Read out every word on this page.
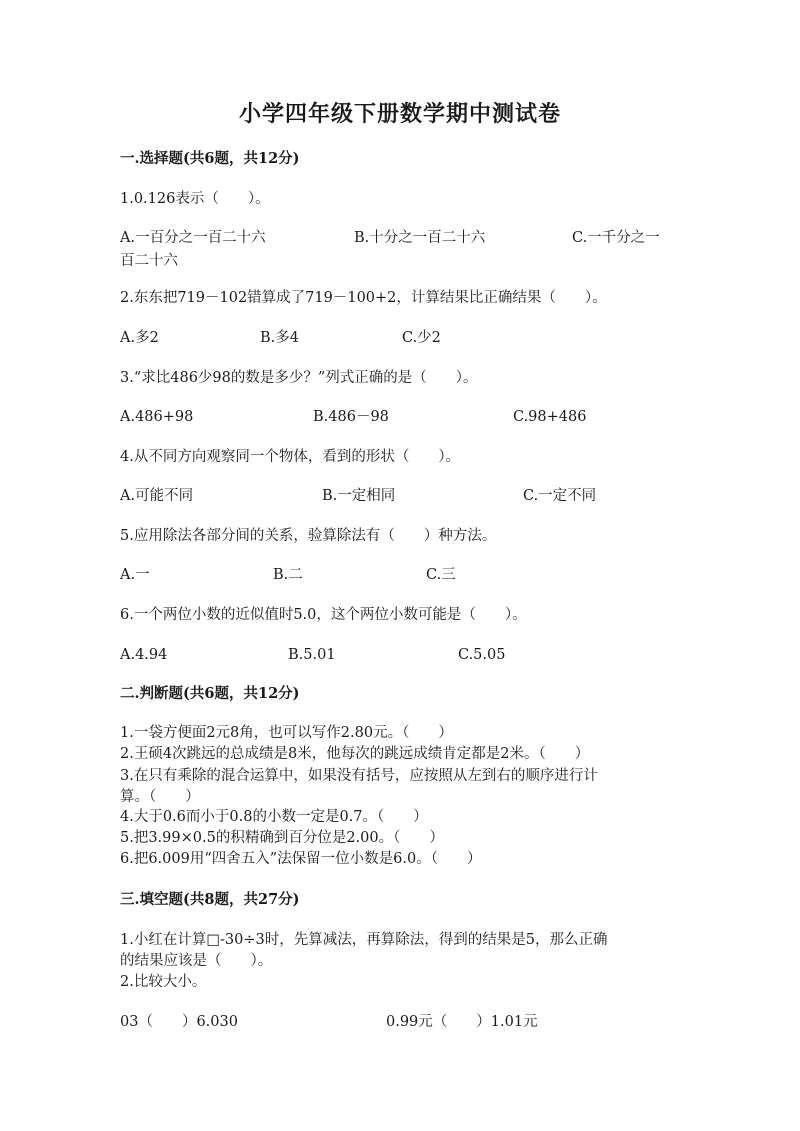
小学四年级下册数学期中测试卷
一.选择题(共6题，共12分)
1.0.126表示（　　）。
A.一百分之一百二十六	B.十分之一百二十六	C.一千分之一
百二十六
2.东东把719－102错算成了719－100+2，计算结果比正确结果（　　）。
A.多2	B.多4	C.少2
3.“求比486少98的数是多少？”列式正确的是（　　）。
A.486+98	B.486－98	C.98+486
4.从不同方向观察同一个物体，看到的形状（　　）。
A.可能不同	B.一定相同	C.一定不同
5.应用除法各部分间的关系，验算除法有（　　）种方法。
A.一	B.二	C.三
6.一个两位小数的近似值时5.0，这个两位小数可能是（　　）。
A.4.94	B.5.01	C.5.05
二.判断题(共6题，共12分)
1.一袋方便面2元8角，也可以写作2.80元。（　　）
2.王硕4次跳远的总成绩是8米，他每次的跳远成绩肯定都是2米。（　　）
3.在只有乘除的混合运算中，如果没有括号，应按照从左到右的顺序进行计
算。（　　）
4.大于0.6而小于0.8的小数一定是0.7。（　　）
5.把3.99×0.5的积精确到百分位是2.00。（　　）
6.把6.009用“四舍五入”法保留一位小数是6.0。（　　）
三.填空题(共8题，共27分)
1.小红在计算□-30÷3时，先算减法，再算除法，得到的结果是5，那么正确
的结果应该是（　　）。
2.比较大小。
03（　　）6.030	0.99元（　　）1.01元
